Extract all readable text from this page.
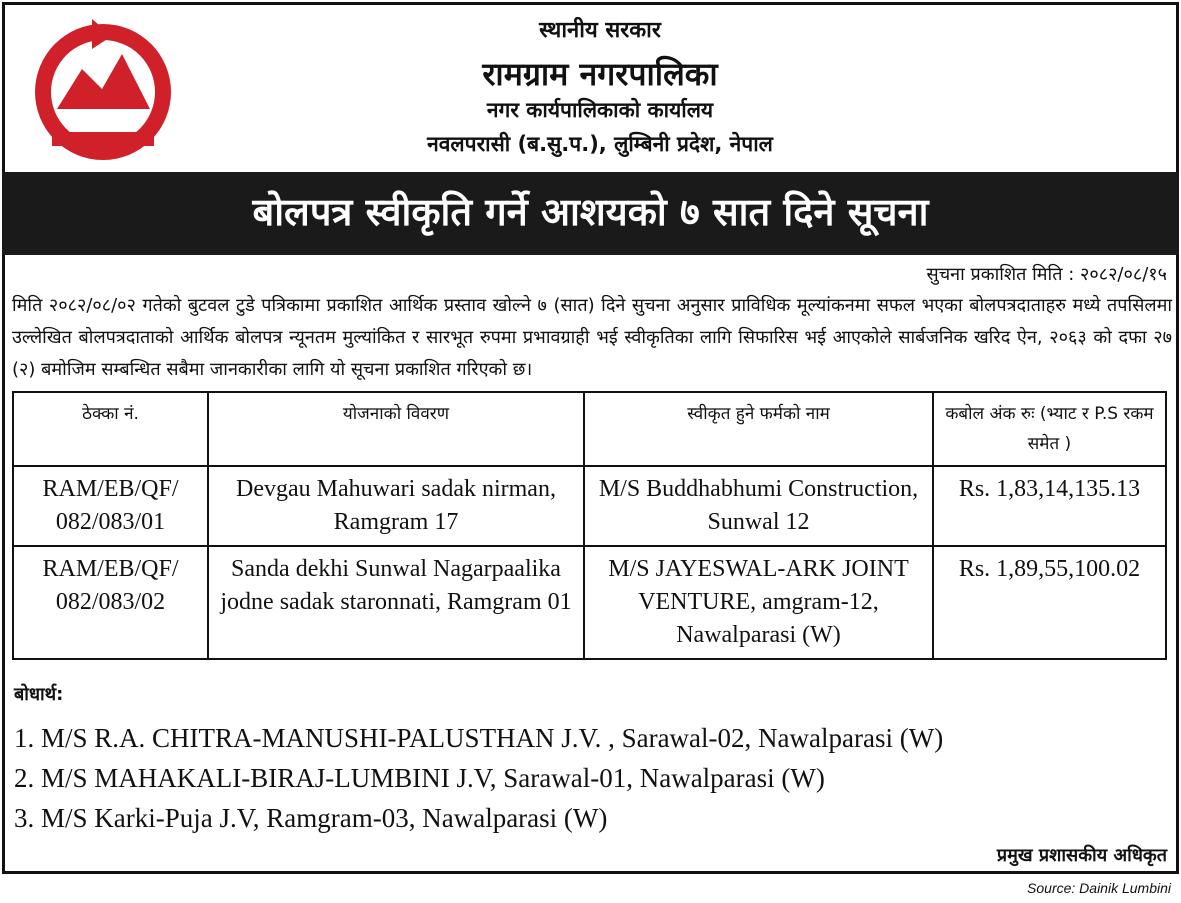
स्थानीय सरकार
रामग्राम नगरपालिका
नगर कार्यपालिकाको कार्यालय
नवलपरासी (ब.सु.प.), लुम्बिनी प्रदेश, नेपाल
बोलपत्र स्वीकृति गर्ने आशयको ७ सात दिने सूचना
सुचना प्रकाशित मिति : २०८२/०८/१५
मिति २०८२/०८/०२ गतेको बुटवल टुडे पत्रिकामा प्रकाशित आर्थिक प्रस्ताव खोल्ने ७ (सात) दिने सुचना अनुसार प्राविधिक मूल्यांकनमा सफल भएका बोलपत्रदाताहरु मध्ये तपसिलमा उल्लेखित बोलपत्रदाताको आर्थिक बोलपत्र न्यूनतम मुल्यांकित र सारभूत रुपमा प्रभावग्राही भई स्वीकृतिका लागि सिफारिस भई आएकोले सार्बजनिक खरिद ऐन, २०६३ को दफा २७ (२) बमोजिम सम्बन्धित सबैमा जानकारीका लागि यो सूचना प्रकाशित गरिएको छ।
ठेक्का नं.	योजनाको विवरण	स्वीकृत हुने फर्मको नाम	कबोल अंक रुः (भ्याट र P.S रकम समेत )
RAM/EB/QF/ 082/083/01	Devgau Mahuwari sadak nirman, Ramgram 17	M/S Buddhabhumi Construction, Sunwal 12	Rs. 1,83,14,135.13
RAM/EB/QF/ 082/083/02	Sanda dekhi Sunwal Nagarpaalika jodne sadak staronnati, Ramgram 01	M/S JAYESWAL-ARK JOINT VENTURE, amgram-12, Nawalparasi (W)	Rs. 1,89,55,100.02
बोधार्थ:
1. M/S R.A. CHITRA-MANUSHI-PALUSTHAN J.V. , Sarawal-02, Nawalparasi (W)
2. M/S MAHAKALI-BIRAJ-LUMBINI J.V, Sarawal-01, Nawalparasi (W)
3. M/S Karki-Puja J.V, Ramgram-03, Nawalparasi (W)
प्रमुख प्रशासकीय अधिकृत
Source: Dainik Lumbini
